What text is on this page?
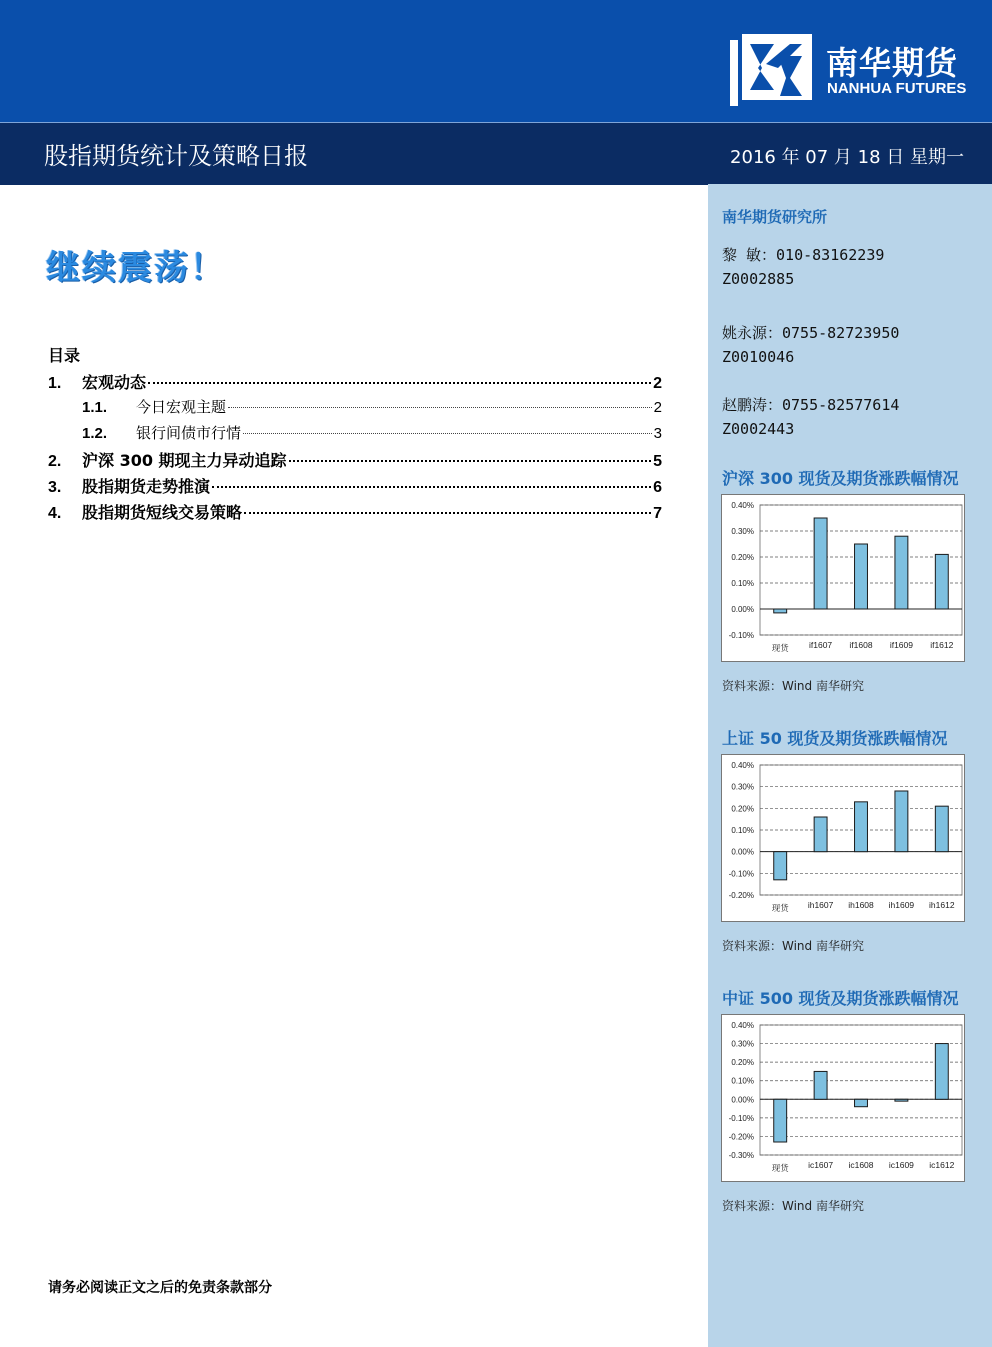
南华期货
NANHUA FUTURES
股指期货统计及策略日报	2016 年 07 月 18 日 星期一
继续震荡！
目录
1.	宏观动态	2
1.1.	今日宏观主题	2
1.2.	银行间债市行情	3
2.	沪深 300 期现主力异动追踪	5
3.	股指期货走势推演	6
4.	股指期货短线交易策略	7
请务必阅读正文之后的免责条款部分
南华期货研究所
黎 敏：010-83162239
Z0002885
姚永源：0755-82723950
Z0010046
赵鹏涛：0755-82577614
Z0002443
沪深 300 现货及期货涨跌幅情况
0.40%
0.30%
0.20%
0.10%
0.00%
-0.10%
现货 if1607 if1608 if1609 if1612
资料来源：Wind 南华研究
上证 50 现货及期货涨跌幅情况
0.40%
0.30%
0.20%
0.10%
0.00%
-0.10%
-0.20%
现货 ih1607 ih1608 ih1609 ih1612
资料来源：Wind 南华研究
中证 500 现货及期货涨跌幅情况
0.40%
0.30%
0.20%
0.10%
0.00%
-0.10%
-0.20%
-0.30%
现货 ic1607 ic1608 ic1609 ic1612
资料来源：Wind 南华研究
